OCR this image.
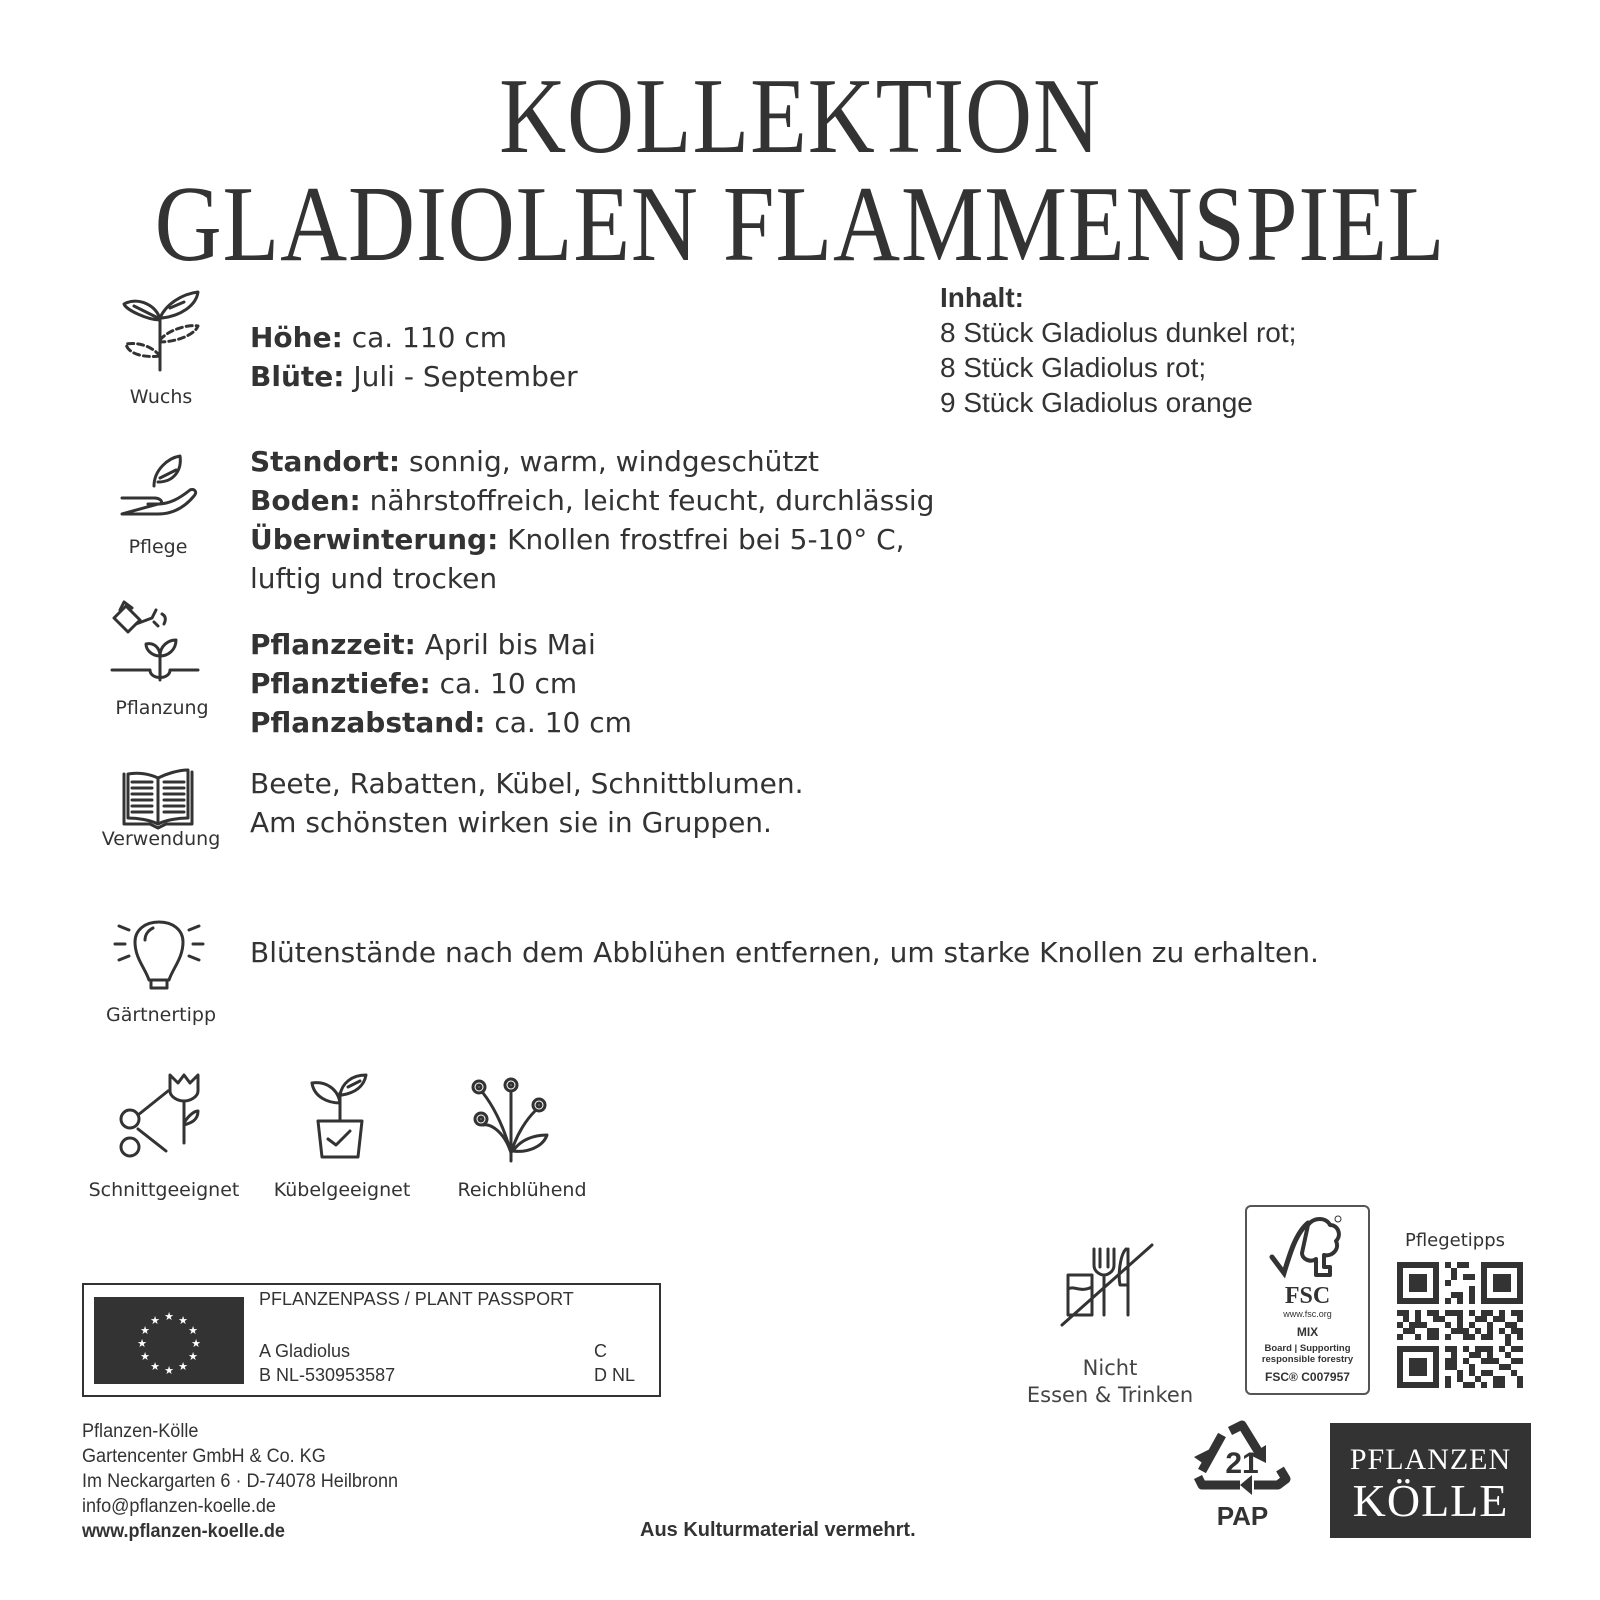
KOLLEKTION
GLADIOLEN FLAMMENSPIEL
Wuchs
Höhe: ca. 110 cm
Blüte: Juli - September
Pflege
Standort: sonnig, warm, windgeschützt
Boden: nährstoffreich, leicht feucht, durchlässig
Überwinterung: Knollen frostfrei bei 5-10° C,
luftig und trocken
Pflanzung
Pflanzzeit: April bis Mai
Pflanztiefe: ca. 10 cm
Pflanzabstand: ca. 10 cm
Verwendung
Beete, Rabatten, Kübel, Schnittblumen.
Am schönsten wirken sie in Gruppen.
Gärtnertipp
Blütenstände nach dem Abblühen entfernen, um starke Knollen zu erhalten.
Inhalt:
8 Stück Gladiolus dunkel rot;
8 Stück Gladiolus rot;
9 Stück Gladiolus orange
Schnittgeeignet	Kübelgeeignet	Reichblühend
★ ★
★
★
★
★
★
★
★
★
★
★
PFLANZENPASS / PLANT PASSPORT
A Gladiolus
B NL-530953587
C
D NL
Pflanzen-Kölle
Gartencenter GmbH & Co. KG
Im Neckargarten 6 · D-74078 Heilbronn
info@pflanzen-koelle.de
www.pflanzen-koelle.de	Aus Kulturmaterial vermehrt.
Nicht
Essen & Trinken
FSC
www.fsc.org
MIX
Board | Supporting
responsible forestry
FSC® C007957
Pflegetipps
21
PAP
PFLANZEN
KÖLLE
